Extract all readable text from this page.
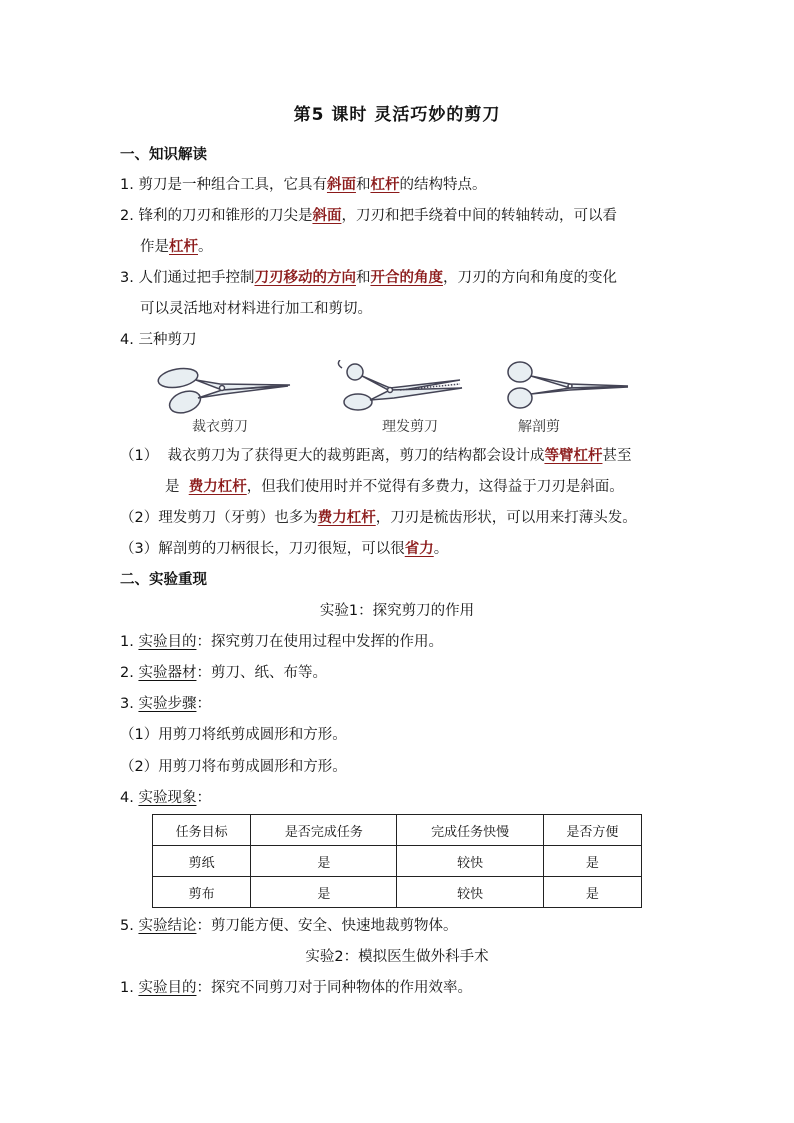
第5 课时 灵活巧妙的剪刀
一、知识解读
1. 剪刀是一种组合工具，它具有斜面和杠杆的结构特点。
2. 锋利的刀刃和锥形的刀尖是斜面，刀刃和把手绕着中间的转轴转动，可以看
作是杠杆。
3. 人们通过把手控制刀刃移动的方向和开合的角度，刀刃的方向和角度的变化
可以灵活地对材料进行加工和剪切。
4. 三种剪刀
裁衣剪刀	理发剪刀	解剖剪
（1） 裁衣剪刀为了获得更大的裁剪距离，剪刀的结构都会设计成等臂杠杆甚至
是 费力杠杆，但我们使用时并不觉得有多费力，这得益于刀刃是斜面。
（2）理发剪刀（牙剪）也多为费力杠杆，刀刃是梳齿形状，可以用来打薄头发。
（3）解剖剪的刀柄很长，刀刃很短，可以很省力。
二、实验重现
实验1：探究剪刀的作用
1. 实验目的：探究剪刀在使用过程中发挥的作用。
2. 实验器材：剪刀、纸、布等。
3. 实验步骤：
（1）用剪刀将纸剪成圆形和方形。
（2）用剪刀将布剪成圆形和方形。
4. 实验现象：
任务目标	是否完成任务	完成任务快慢	是否方便
剪纸	是	较快	是
剪布	是	较快	是
5. 实验结论：剪刀能方便、安全、快速地裁剪物体。
实验2：模拟医生做外科手术
1. 实验目的：探究不同剪刀对于同种物体的作用效率。
